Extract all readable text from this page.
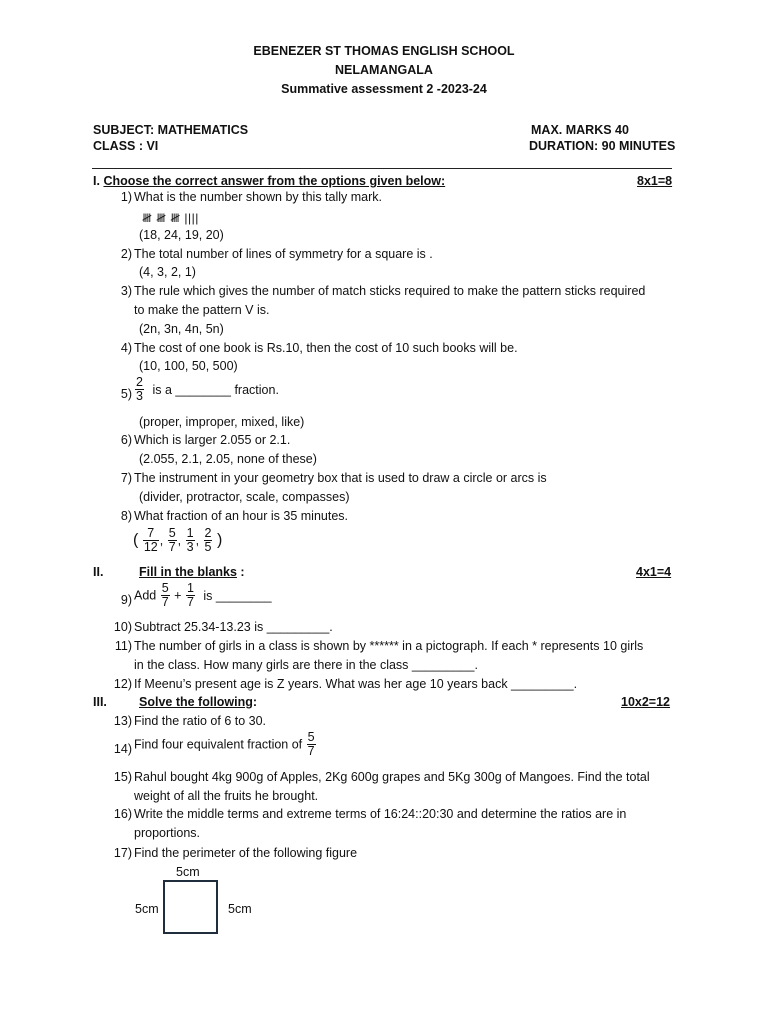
EBENEZER ST THOMAS ENGLISH SCHOOL
NELAMANGALA
Summative assessment 2 -2023-24
SUBJECT: MATHEMATICS
CLASS : VI
MAX. MARKS 40
DURATION: 90 MINUTES
I. Choose the correct answer from the options given below:	8x1=8
1) What is the number shown by this tally mark.
𝍸 𝍸 𝍸 ||||
(18, 24, 19, 20)
2) The total number of lines of symmetry for a square is .
(4, 3, 2, 1)
3) The rule which gives the number of match sticks required to make the pattern sticks required
to make the pattern V is.
(2n, 3n, 4n, 5n)
4) The cost of one book is Rs.10, then the cost of 10 such books will be.
(10, 100, 50, 500)
$5) \frac{2}{3}$ is a ________ fraction.
(proper, improper, mixed, like)
6) Which is larger 2.055 or 2.1.
(2.055, 2.1, 2.05, none of these)
7) The instrument in your geometry box that is used to draw a circle or arcs is
(divider, protractor, scale, compasses)
8) What fraction of an hour is 35 minutes.
( $\frac{7}{12}$ , $\frac{5}{7}$ , $\frac{1}{3}$ , $\frac{2}{5}$ )
II.	Fill in the blanks :	4x1=4
9) Add $\frac{5}{7} + \frac{1}{7}$ is ________
10) Subtract 25.34-13.23 is _________.
11) The number of girls in a class is shown by ****** in a pictograph. If each * represents 10 girls
in the class. How many girls are there in the class _________.
12) If Meenu’s present age is Z years. What was her age 10 years back _________.
III.	Solve the following:	10x2=12
13) Find the ratio of 6 to 30.
14) Find four equivalent fraction of $\frac{5}{7}$
15) Rahul bought 4kg 900g of Apples, 2Kg 600g grapes and 5Kg 300g of Mangoes. Find the total
weight of all the fruits he brought.
16) Write the middle terms and extreme terms of 16:24::20:30 and determine the ratios are in
proportions.
17) Find the perimeter of the following figure
5cm
5cm	5cm
